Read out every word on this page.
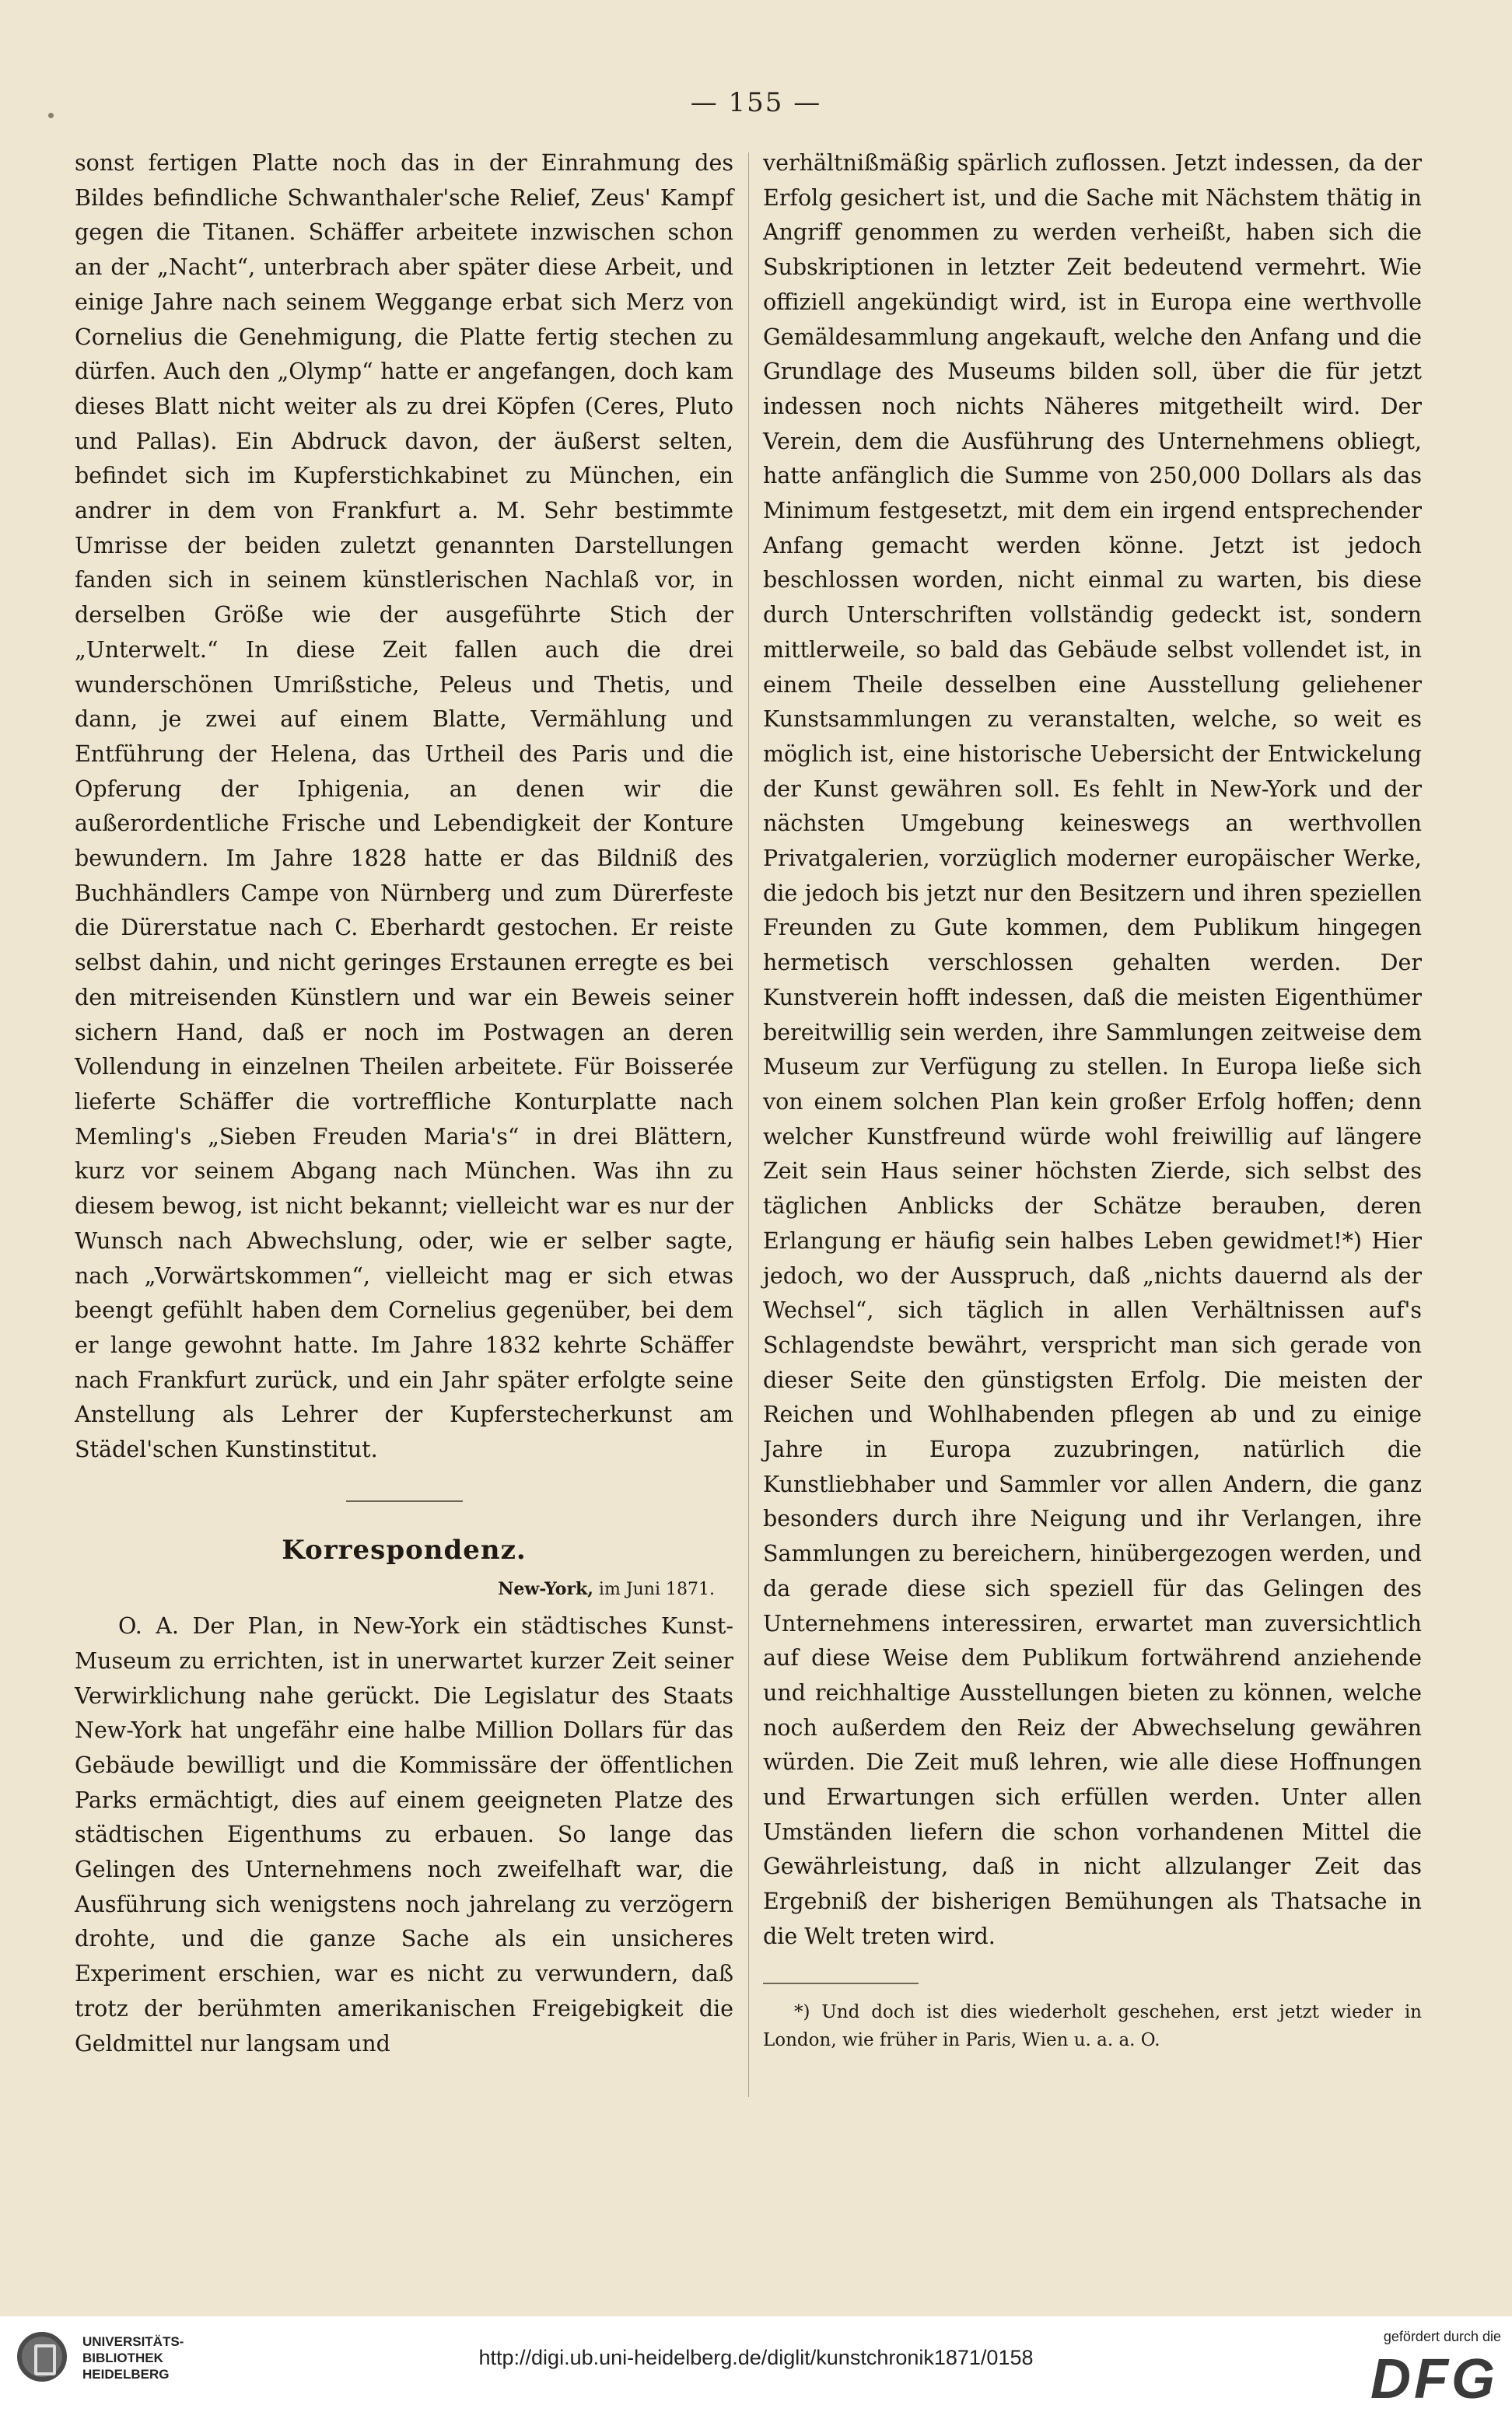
— 155 —

sonst fertigen Platte noch das in der Einrahmung des Bildes befindliche Schwanthaler'sche Relief, Zeus' Kampf gegen die Titanen. Schäffer arbeitete inzwischen schon an der „Nacht“, unterbrach aber später diese Arbeit, und einige Jahre nach seinem Weggange erbat sich Merz von Cornelius die Genehmigung, die Platte fertig stechen zu dürfen. Auch den „Olymp“ hatte er angefangen, doch kam dieses Blatt nicht weiter als zu drei Köpfen (Ceres, Pluto und Pallas). Ein Abdruck davon, der äußerst selten, befindet sich im Kupferstichkabinet zu München, ein andrer in dem von Frankfurt a. M. Sehr bestimmte Umrisse der beiden zuletzt genannten Darstellungen fanden sich in seinem künstlerischen Nachlaß vor, in derselben Größe wie der ausgeführte Stich der „Unterwelt.“ In diese Zeit fallen auch die drei wunderschönen Umrißstiche, Peleus und Thetis, und dann, je zwei auf einem Blatte, Vermählung und Entführung der Helena, das Urtheil des Paris und die Opferung der Iphigenia, an denen wir die außerordentliche Frische und Lebendigkeit der Konture bewundern. Im Jahre 1828 hatte er das Bildniß des Buchhändlers Campe von Nürnberg und zum Dürerfeste die Dürerstatue nach C. Eberhardt gestochen. Er reiste selbst dahin, und nicht geringes Erstaunen erregte es bei den mitreisenden Künstlern und war ein Beweis seiner sichern Hand, daß er noch im Postwagen an deren Vollendung in einzelnen Theilen arbeitete. Für Boisserée lieferte Schäffer die vortreffliche Konturplatte nach Memling's „Sieben Freuden Maria's“ in drei Blättern, kurz vor seinem Abgang nach München. Was ihn zu diesem bewog, ist nicht bekannt; vielleicht war es nur der Wunsch nach Abwechslung, oder, wie er selber sagte, nach „Vorwärtskommen“, vielleicht mag er sich etwas beengt gefühlt haben dem Cornelius gegenüber, bei dem er lange gewohnt hatte. Im Jahre 1832 kehrte Schäffer nach Frankfurt zurück, und ein Jahr später erfolgte seine Anstellung als Lehrer der Kupferstecherkunst am Städel'schen Kunstinstitut.

Korrespondenz.
New-York, im Juni 1871.

O. A. Der Plan, in New-York ein städtisches Kunst-Museum zu errichten, ist in unerwartet kurzer Zeit seiner Verwirklichung nahe gerückt. Die Legislatur des Staats New-York hat ungefähr eine halbe Million Dollars für das Gebäude bewilligt und die Kommissäre der öffentlichen Parks ermächtigt, dies auf einem geeigneten Platze des städtischen Eigenthums zu erbauen. So lange das Gelingen des Unternehmens noch zweifelhaft war, die Ausführung sich wenigstens noch jahrelang zu verzögern drohte, und die ganze Sache als ein unsicheres Experiment erschien, war es nicht zu verwundern, daß trotz der berühmten amerikanischen Freigebigkeit die Geldmittel nur langsam und

verhältnißmäßig spärlich zuflossen. Jetzt indessen, da der Erfolg gesichert ist, und die Sache mit Nächstem thätig in Angriff genommen zu werden verheißt, haben sich die Subskriptionen in letzter Zeit bedeutend vermehrt. Wie offiziell angekündigt wird, ist in Europa eine werthvolle Gemäldesammlung angekauft, welche den Anfang und die Grundlage des Museums bilden soll, über die für jetzt indessen noch nichts Näheres mitgetheilt wird. Der Verein, dem die Ausführung des Unternehmens obliegt, hatte anfänglich die Summe von 250,000 Dollars als das Minimum festgesetzt, mit dem ein irgend entsprechender Anfang gemacht werden könne. Jetzt ist jedoch beschlossen worden, nicht einmal zu warten, bis diese durch Unterschriften vollständig gedeckt ist, sondern mittlerweile, so bald das Gebäude selbst vollendet ist, in einem Theile desselben eine Ausstellung geliehener Kunstsammlungen zu veranstalten, welche, so weit es möglich ist, eine historische Uebersicht der Entwickelung der Kunst gewähren soll. Es fehlt in New-York und der nächsten Umgebung keineswegs an werthvollen Privatgalerien, vorzüglich moderner europäischer Werke, die jedoch bis jetzt nur den Besitzern und ihren speziellen Freunden zu Gute kommen, dem Publikum hingegen hermetisch verschlossen gehalten werden. Der Kunstverein hofft indessen, daß die meisten Eigenthümer bereitwillig sein werden, ihre Sammlungen zeitweise dem Museum zur Verfügung zu stellen. In Europa ließe sich von einem solchen Plan kein großer Erfolg hoffen; denn welcher Kunstfreund würde wohl freiwillig auf längere Zeit sein Haus seiner höchsten Zierde, sich selbst des täglichen Anblicks der Schätze berauben, deren Erlangung er häufig sein halbes Leben gewidmet!*) Hier jedoch, wo der Ausspruch, daß „nichts dauernd als der Wechsel“, sich täglich in allen Verhältnissen auf's Schlagendste bewährt, verspricht man sich gerade von dieser Seite den günstigsten Erfolg. Die meisten der Reichen und Wohlhabenden pflegen ab und zu einige Jahre in Europa zuzubringen, natürlich die Kunstliebhaber und Sammler vor allen Andern, die ganz besonders durch ihre Neigung und ihr Verlangen, ihre Sammlungen zu bereichern, hinübergezogen werden, und da gerade diese sich speziell für das Gelingen des Unternehmens interessiren, erwartet man zuversichtlich auf diese Weise dem Publikum fortwährend anziehende und reichhaltige Ausstellungen bieten zu können, welche noch außerdem den Reiz der Abwechselung gewähren würden. Die Zeit muß lehren, wie alle diese Hoffnungen und Erwartungen sich erfüllen werden. Unter allen Umständen liefern die schon vorhandenen Mittel die Gewährleistung, daß in nicht allzulanger Zeit das Ergebniß der bisherigen Bemühungen als Thatsache in die Welt treten wird.

*) Und doch ist dies wiederholt geschehen, erst jetzt wieder in London, wie früher in Paris, Wien u. a. a. O.

UNIVERSITÄTS-
BIBLIOTHEK
HEIDELBERG
http://digi.ub.uni-heidelberg.de/diglit/kunstchronik1871/0158
gefördert durch die
DFG
